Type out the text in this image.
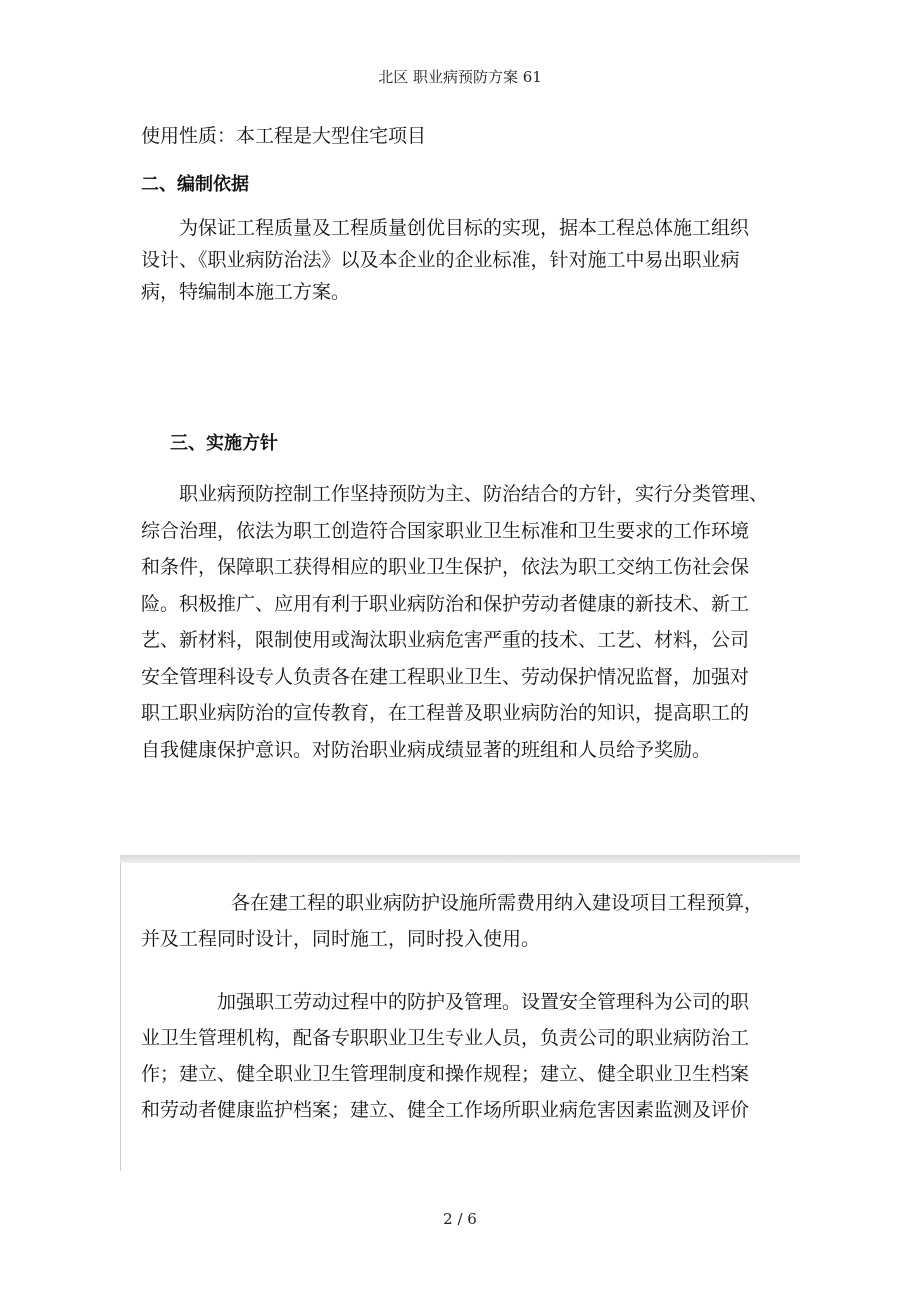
北区 职业病预防方案 61
使用性质：本工程是大型住宅项目
二、编制依据
为保证工程质量及工程质量创优目标的实现，据本工程总体施工组织
设计、《职业病防治法》以及本企业的企业标准，针对施工中易出职业病
病，特编制本施工方案。
三、实施方针
职业病预防控制工作坚持预防为主、防治结合的方针，实行分类管理、
综合治理，依法为职工创造符合国家职业卫生标准和卫生要求的工作环境
和条件，保障职工获得相应的职业卫生保护，依法为职工交纳工伤社会保
险。积极推广、应用有利于职业病防治和保护劳动者健康的新技术、新工
艺、新材料，限制使用或淘汰职业病危害严重的技术、工艺、材料，公司
安全管理科设专人负责各在建工程职业卫生、劳动保护情况监督，加强对
职工职业病防治的宣传教育，在工程普及职业病防治的知识，提高职工的
自我健康保护意识。对防治职业病成绩显著的班组和人员给予奖励。
各在建工程的职业病防护设施所需费用纳入建设项目工程预算，
并及工程同时设计，同时施工，同时投入使用。
加强职工劳动过程中的防护及管理。设置安全管理科为公司的职
业卫生管理机构，配备专职职业卫生专业人员，负责公司的职业病防治工
作；建立、健全职业卫生管理制度和操作规程；建立、健全职业卫生档案
和劳动者健康监护档案；建立、健全工作场所职业病危害因素监测及评价
2 / 6
